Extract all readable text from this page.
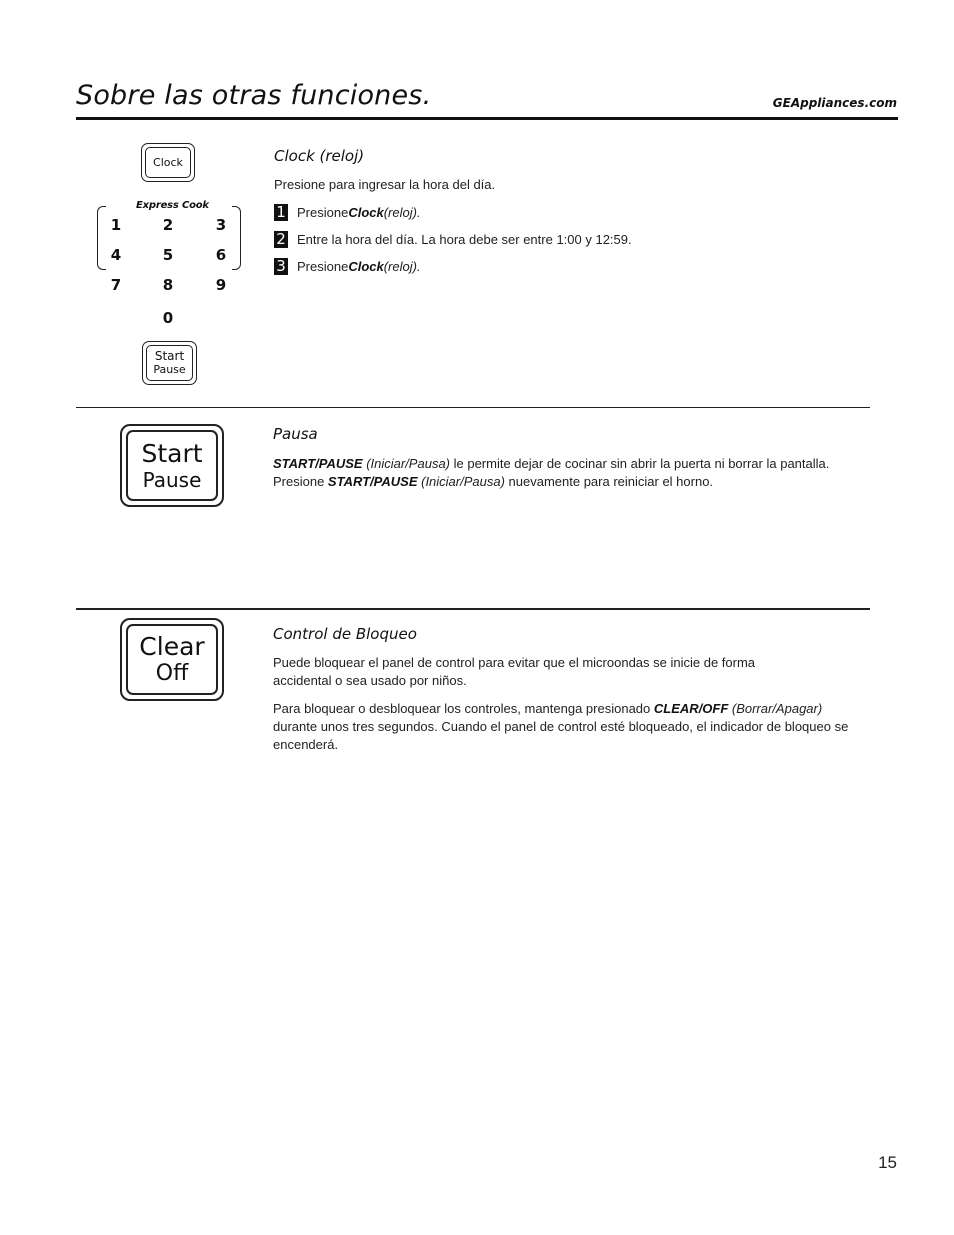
Sobre las otras funciones.	GEAppliances.com
Clock
Express Cook
1	2	3
4	5	6
7	8	9
0
Start
Pause
Clock (reloj)

Presione para ingresar la hora del día.

1 Presione Clock (reloj).
2 Entre la hora del día. La hora debe ser entre 1:00 y 12:59.
3 Presione Clock (reloj).
Start
Pause
Pausa

START/PAUSE (Iniciar/Pausa) le permite dejar de cocinar sin abrir la puerta ni borrar la pantalla.
Presione START/PAUSE (Iniciar/Pausa) nuevamente para reiniciar el horno.

Clear
Off
Control de Bloqueo

Puede bloquear el panel de control para evitar que el microondas se inicie de forma accidental o sea usado por niños.

Para bloquear o desbloquear los controles, mantenga presionado CLEAR/OFF (Borrar/Apagar) durante unos tres segundos. Cuando el panel de control esté bloqueado, el indicador de bloqueo se encenderá.

15
